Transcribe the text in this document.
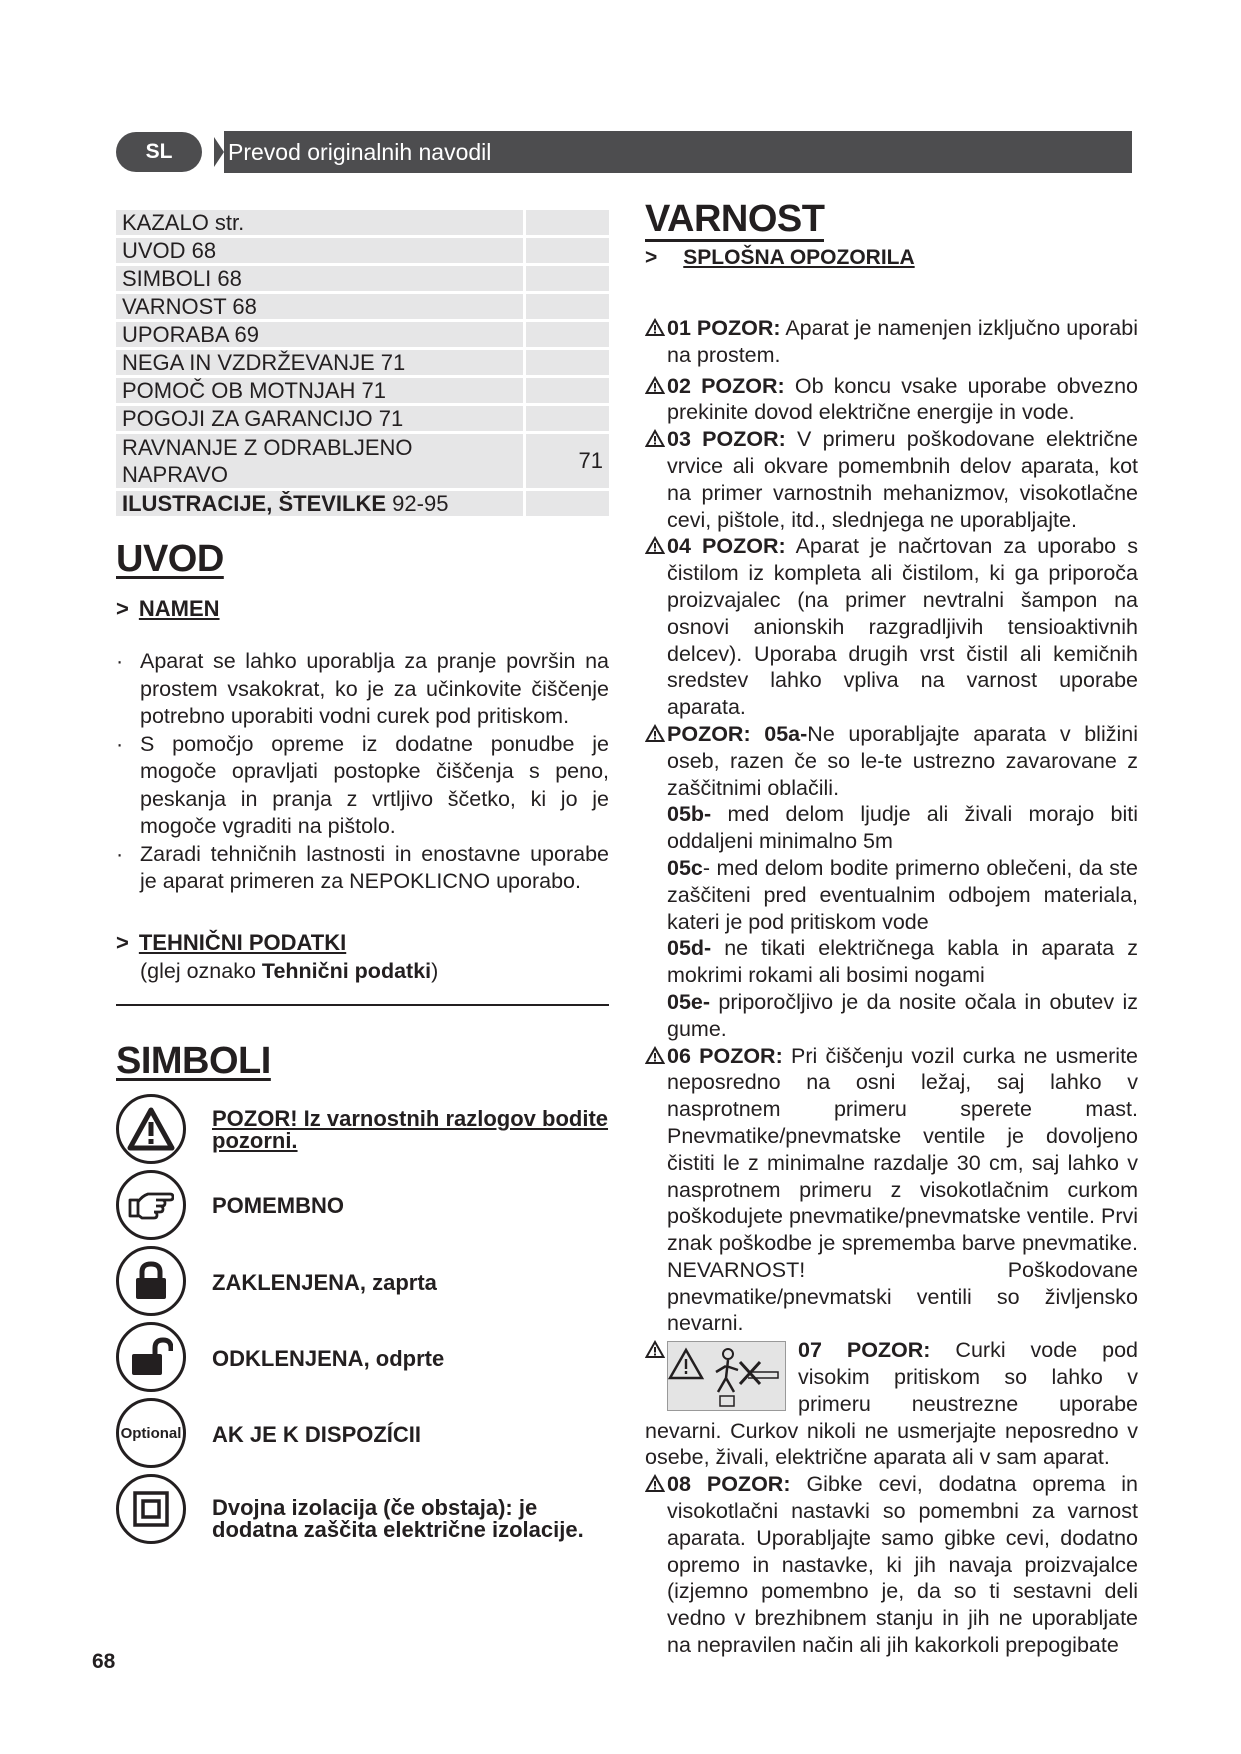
SL	Prevod originalnih navodil
KAZALO str.
UVOD 68
SIMBOLI 68
VARNOST 68
UPORABA 69
NEGA IN VZDRŽEVANJE 71
POMOČ OB MOTNJAH 71
POGOJI ZA GARANCIJO 71
RAVNANJE Z ODRABLJENO NAPRAVO
71
ILUSTRACIJE, ŠTEVILKE 92-95
UVOD
> NAMEN
· Aparat se lahko uporablja za pranje površin na prostem vsakokrat, ko je za učinkovite čiščenje potrebno uporabiti vodni curek pod pritiskom.
· S pomočjo opreme iz dodatne ponudbe je mogoče opravljati postopke čiščenja s peno, peskanja in pranja z vrtljivo ščetko, ki jo je mogoče vgraditi na pištolo.
· Zaradi tehničnih lastnosti in enostavne uporabe je aparat primeren za NEPOKLICNO uporabo.
> TEHNIČNI PODATKI
(glej oznako Tehnični podatki)
SIMBOLI
POZOR! Iz varnostnih razlogov bodite pozorni.
POMEMBNO
ZAKLENJENA, zaprta
ODKLENJENA, odprte
Optional AK JE K DISPOZÍCII
Dvojna izolacija (če obstaja): je dodatna zaščita električne izolacije.
VARNOST
> SPLOŠNA OPOZORILA
01 POZOR: Aparat je namenjen izključno uporabi na prostem.
02 POZOR: Ob koncu vsake uporabe obvezno prekinite dovod električne energije in vode.
03 POZOR: V primeru poškodovane električne vrvice ali okvare pomembnih delov aparata, kot na primer varnostnih mehanizmov, visokotlačne cevi, pištole, itd., slednjega ne uporabljajte.
04 POZOR: Aparat je načrtovan za uporabo s čistilom iz kompleta ali čistilom, ki ga priporoča proizvajalec (na primer nevtralni šampon na osnovi anionskih razgradljivih tensioaktivnih delcev). Uporaba drugih vrst čistil ali kemičnih sredstev lahko vpliva na varnost uporabe aparata.
POZOR: 05a-Ne uporabljajte aparata v bližini oseb, razen če so le-te ustrezno zavarovane z zaščitnimi oblačili.
05b- med delom ljudje ali živali morajo biti oddaljeni minimalno 5m
05c- med delom bodite primerno oblečeni, da ste zaščiteni pred eventualnim odbojem materiala, kateri je pod pritiskom vode
05d- ne tikati električnega kabla in aparata z mokrimi rokami ali bosimi nogami
05e- priporočljivo je da nosite očala in obutev iz gume.
06 POZOR: Pri čiščenju vozil curka ne usmerite neposredno na osni ležaj, saj lahko v nasprotnem primeru sperete mast. Pnevmatike/pnevmatske ventile je dovoljeno čistiti le z minimalne razdalje 30 cm, saj lahko v nasprotnem primeru z visokotlačnim curkom poškodujete pnevmatike/pnevmatske ventile. Prvi znak poškodbe je sprememba barve pnevmatike. NEVARNOST! Poškodovane pnevmatike/pnevmatski ventili so življensko nevarni.
07 POZOR: Curki vode pod visokim pritiskom so lahko v primeru neustrezne uporabe nevarni. Curkov nikoli ne usmerjajte neposredno v osebe, živali, električne aparata ali v sam aparat.
08 POZOR: Gibke cevi, dodatna oprema in visokotlačni nastavki so pomembni za varnost aparata. Uporabljajte samo gibke cevi, dodatno opremo in nastavke, ki jih navaja proizvajalce (izjemno pomembno je, da so ti sestavni deli vedno v brezhibnem stanju in jih ne uporabljate na nepravilen način ali jih kakorkoli prepogibate
68
